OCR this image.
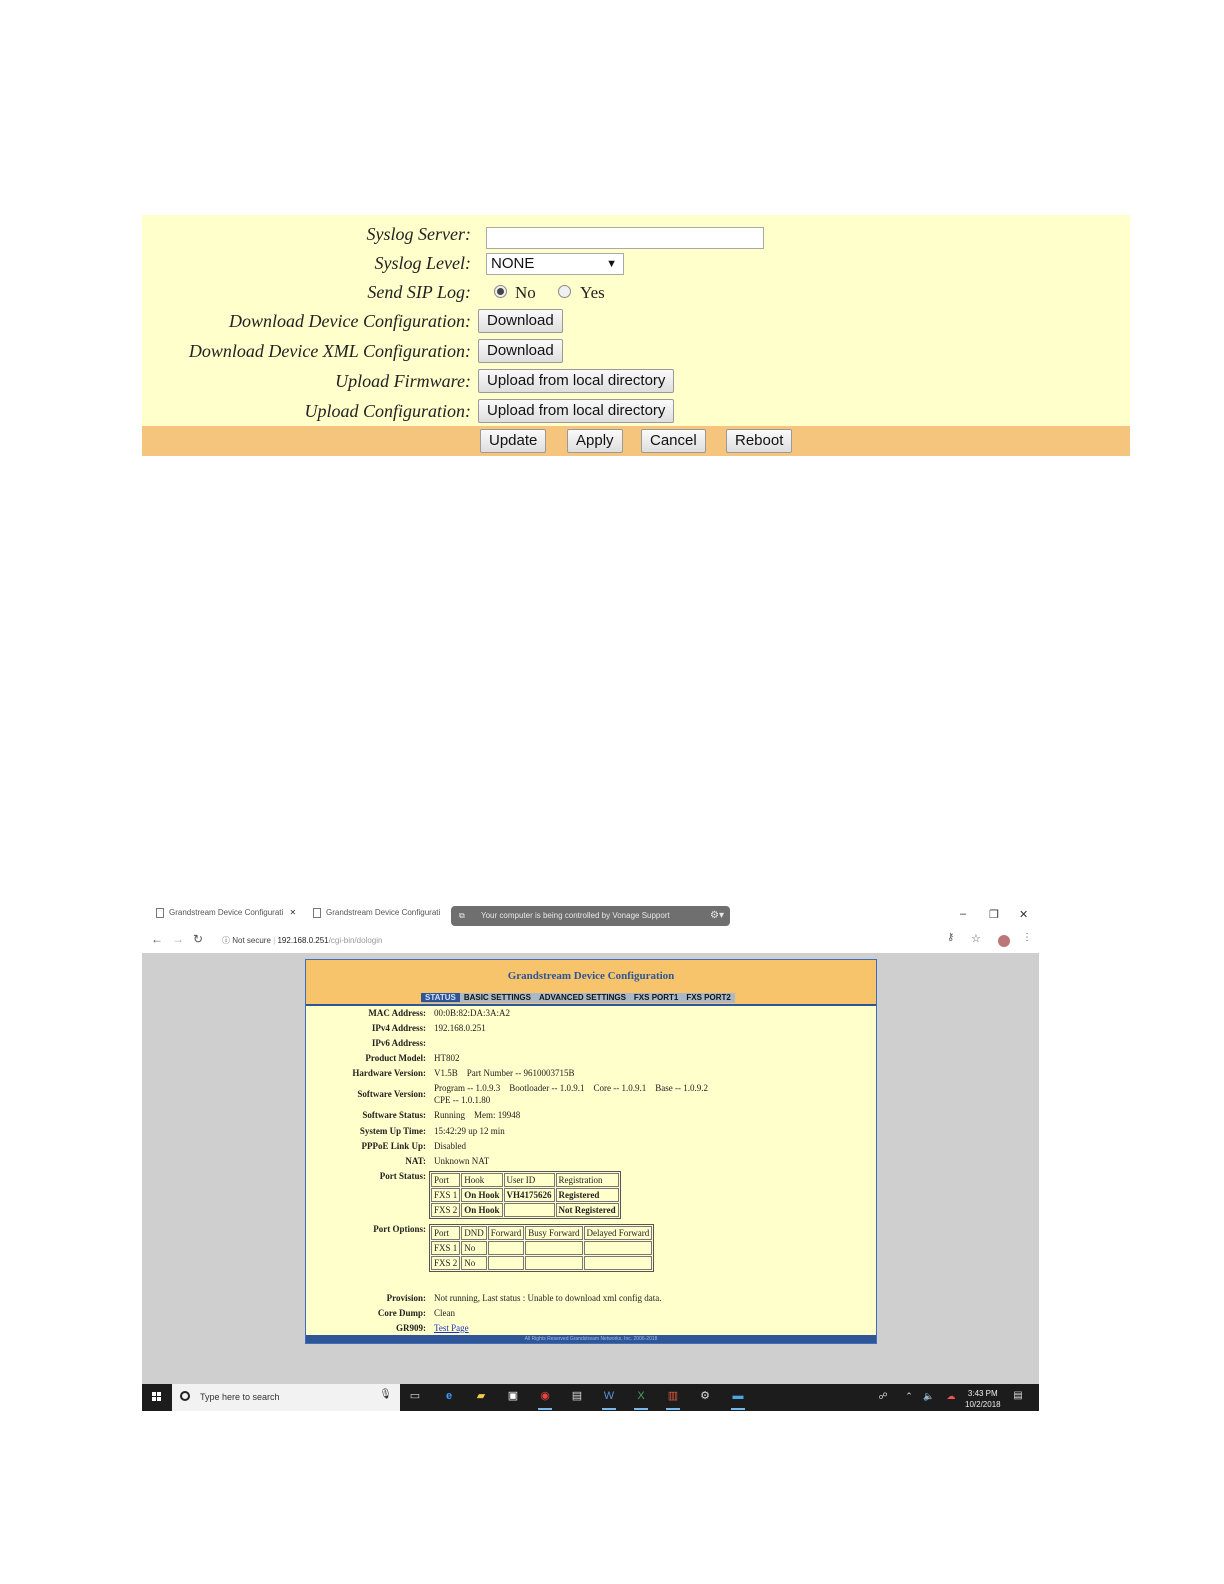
Syslog Server:
Syslog Level:	NONE	▼
Send SIP Log:	No	Yes
Download Device Configuration:	Download
Download Device XML Configuration:	Download
Upload Firmware:	Upload from local directory
Upload Configuration:	Upload from local directory
Update	Apply	Cancel	Reboot
Grandstream Device Configurati ✕	Grandstream Device Configurati ⧉ Your computer is being controlled by Vonage Support	⚙▾	– ❐ ✕
← → ↻ ⓘ Not secure | 192.168.0.251/cgi-bin/dologin	⚷ ☆	⋮
Grandstream Device Configuration
STATUS BASIC SETTINGS ADVANCED SETTINGS FXS PORT1 FXS PORT2
MAC Address: 00:0B:82:DA:3A:A2
IPv4 Address: 192.168.0.251
IPv6 Address:
Product Model: HT802
Hardware Version: V1.5B    Part Number -- 9610003715B
Software Version:
Program -- 1.0.9.3    Bootloader -- 1.0.9.1    Core -- 1.0.9.1    Base -- 1.0.9.2
CPE -- 1.0.1.80
Software Status: Running    Mem: 19948
System Up Time: 15:42:29 up 12 min
PPPoE Link Up: Disabled
NAT: Unknown NAT
Port Status: Port	Hook	User ID	Registration
FXS 1	On Hook	VH4175626	Registered
FXS 2	On Hook		Not Registered
Port Options: Port	DND	Forward	Busy Forward	Delayed Forward
FXS 1	No			
FXS 2	No			
Provision: Not running, Last status : Unable to download xml config data.
Core Dump: Clean
GR909: Test Page
All Rights Reserved Grandstream Networks, Inc. 2006-2018
Type here to search	🎙 ▭	e	▰ ▣ ◉ ▤ W	X	▥ ⚙ ▬	☍	⌃	🔈 ☁	3:43 PM
10/2/2018
▤
